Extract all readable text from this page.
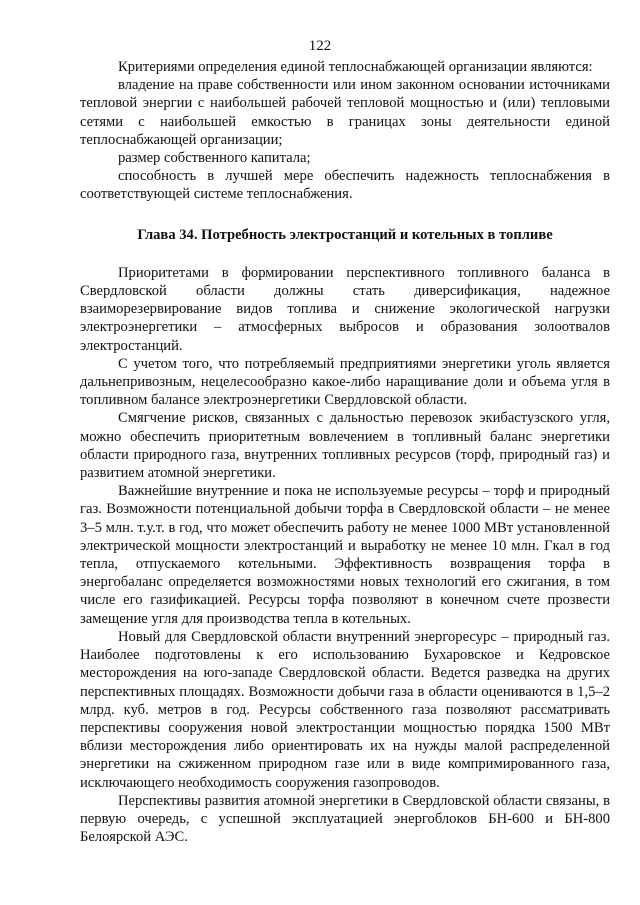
122

Критериями определения единой теплоснабжающей организации являются:

владение на праве собственности или ином законном основании источниками тепловой энергии с наибольшей рабочей тепловой мощностью и (или) тепловыми сетями с наибольшей емкостью в границах зоны деятельности единой теплоснабжающей организации;

размер собственного капитала;

способность в лучшей мере обеспечить надежность теплоснабжения в соответствующей системе теплоснабжения.

Глава 34. Потребность электростанций и котельных в топливе

Приоритетами в формировании перспективного топливного баланса в Свердловской области должны стать диверсификация, надежное взаиморезервирование видов топлива и снижение экологической нагрузки электроэнергетики – атмосферных выбросов и образования золоотвалов электростанций.

С учетом того, что потребляемый предприятиями энергетики уголь является дальнепривозным, нецелесообразно какое-либо наращивание доли и объема угля в топливном балансе электроэнергетики Свердловской области.

Смягчение рисков, связанных с дальностью перевозок экибастузского угля, можно обеспечить приоритетным вовлечением в топливный баланс энергетики области природного газа, внутренних топливных ресурсов (торф, природный газ) и развитием атомной энергетики.

Важнейшие внутренние и пока не используемые ресурсы – торф и природный газ. Возможности потенциальной добычи торфа в Свердловской области – не менее 3–5 млн. т.у.т. в год, что может обеспечить работу не менее 1000 МВт установленной электрической мощности электростанций и выработку не менее 10 млн. Гкал в год тепла, отпускаемого котельными. Эффективность возвращения торфа в энергобаланс определяется возможностями новых технологий его сжигания, в том числе его газификацией. Ресурсы торфа позволяют в конечном счете прозвести замещение угля для производства тепла в котельных.

Новый для Свердловской области внутренний энергоресурс – природный газ. Наиболее подготовлены к его использованию Бухаровское и Кедровское месторождения на юго-западе Свердловской области. Ведется разведка на других перспективных площадях. Возможности добычи газа в области оцениваются в 1,5–2 млрд. куб. метров в год. Ресурсы собственного газа позволяют рассматривать перспективы сооружения новой электростанции мощностью порядка 1500 МВт вблизи месторождения либо ориентировать их на нужды малой распределенной энергетики на сжиженном природном газе или в виде компримированного газа, исключающего необходимость сооружения газопроводов.

Перспективы развития атомной энергетики в Свердловской области связаны, в первую очередь, с успешной эксплуатацией энергоблоков БН-600 и БН-800 Белоярской АЭС.
